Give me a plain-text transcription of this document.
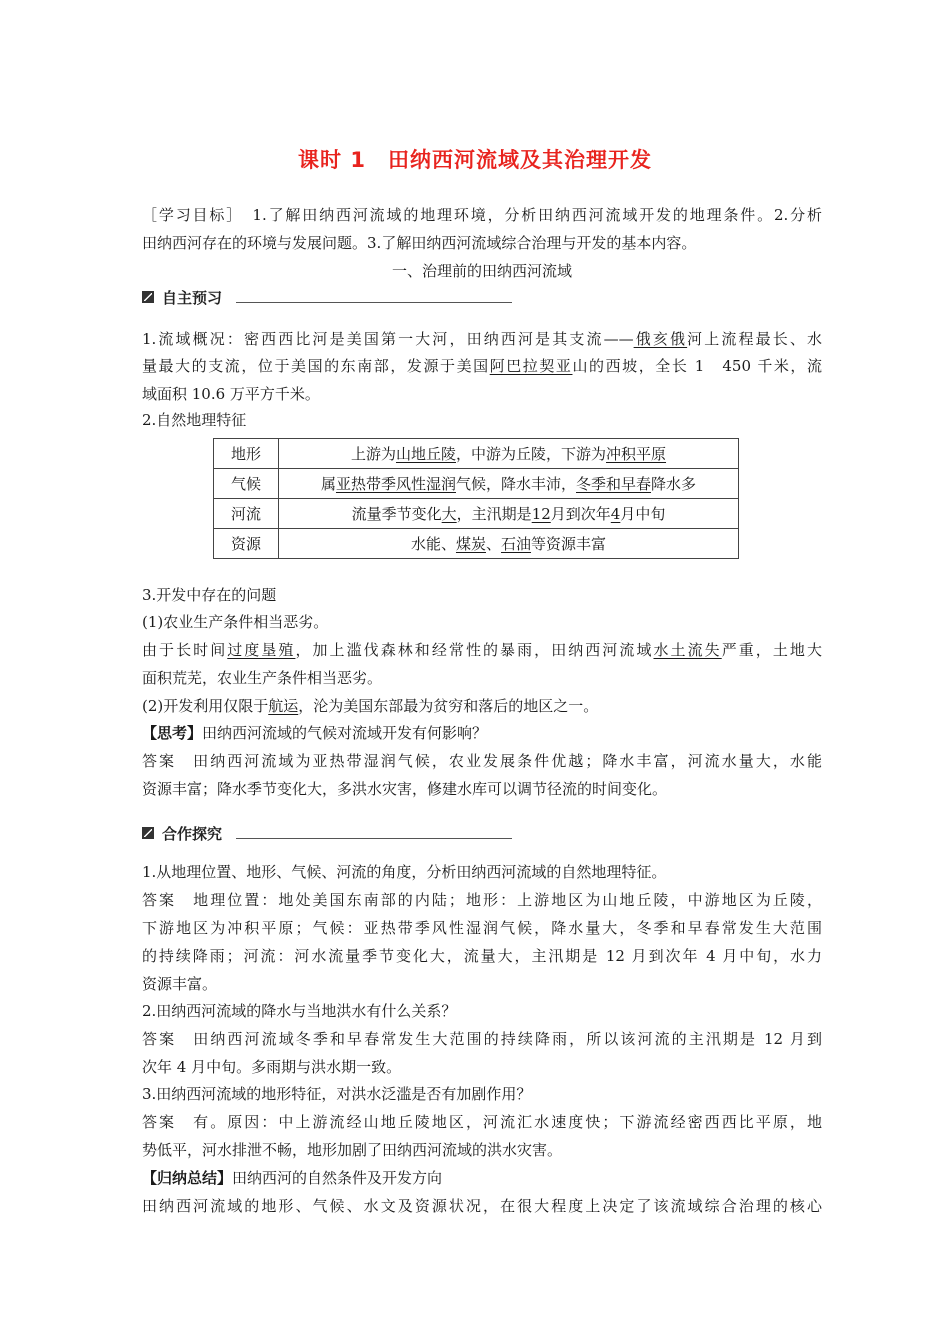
课时 1　田纳西河流域及其治理开发
［学习目标］　1.了解田纳西河流域的地理环境，分析田纳西河流域开发的地理条件。2.分析
田纳西河存在的环境与发展问题。3.了解田纳西河流域综合治理与开发的基本内容。
一、治理前的田纳西河流域
自主预习
1.流域概况：密西西比河是美国第一大河，田纳西河是其支流——俄亥俄河上流程最长、水
量最大的支流，位于美国的东南部，发源于美国阿巴拉契亚山的西坡，全长 1　450 千米，流
域面积 10.6 万平方千米。
2.自然地理特征
地形	上游为山地丘陵，中游为丘陵，下游为冲积平原
气候	属亚热带季风性湿润气候，降水丰沛，冬季和早春降水多
河流	流量季节变化大，主汛期是12月到次年4月中旬
资源	水能、煤炭、石油等资源丰富
3.开发中存在的问题
(1)农业生产条件相当恶劣。
由于长时间过度垦殖，加上滥伐森林和经常性的暴雨，田纳西河流域水土流失严重，土地大
面积荒芜，农业生产条件相当恶劣。
(2)开发利用仅限于航运，沦为美国东部最为贫穷和落后的地区之一。
【思考】田纳西河流域的气候对流域开发有何影响？
答案　田纳西河流域为亚热带湿润气候，农业发展条件优越；降水丰富，河流水量大，水能
资源丰富；降水季节变化大，多洪水灾害，修建水库可以调节径流的时间变化。
合作探究
1.从地理位置、地形、气候、河流的角度，分析田纳西河流域的自然地理特征。
答案　地理位置：地处美国东南部的内陆；地形：上游地区为山地丘陵，中游地区为丘陵，
下游地区为冲积平原；气候：亚热带季风性湿润气候，降水量大，冬季和早春常发生大范围
的持续降雨；河流：河水流量季节变化大，流量大，主汛期是 12 月到次年 4 月中旬，水力
资源丰富。
2.田纳西河流域的降水与当地洪水有什么关系？
答案　田纳西河流域冬季和早春常发生大范围的持续降雨，所以该河流的主汛期是 12 月到
次年 4 月中旬。多雨期与洪水期一致。
3.田纳西河流域的地形特征，对洪水泛滥是否有加剧作用？
答案　有。原因：中上游流经山地丘陵地区，河流汇水速度快；下游流经密西西比平原，地
势低平，河水排泄不畅，地形加剧了田纳西河流域的洪水灾害。
【归纳总结】田纳西河的自然条件及开发方向
田纳西河流域的地形、气候、水文及资源状况，在很大程度上决定了该流域综合治理的核心
